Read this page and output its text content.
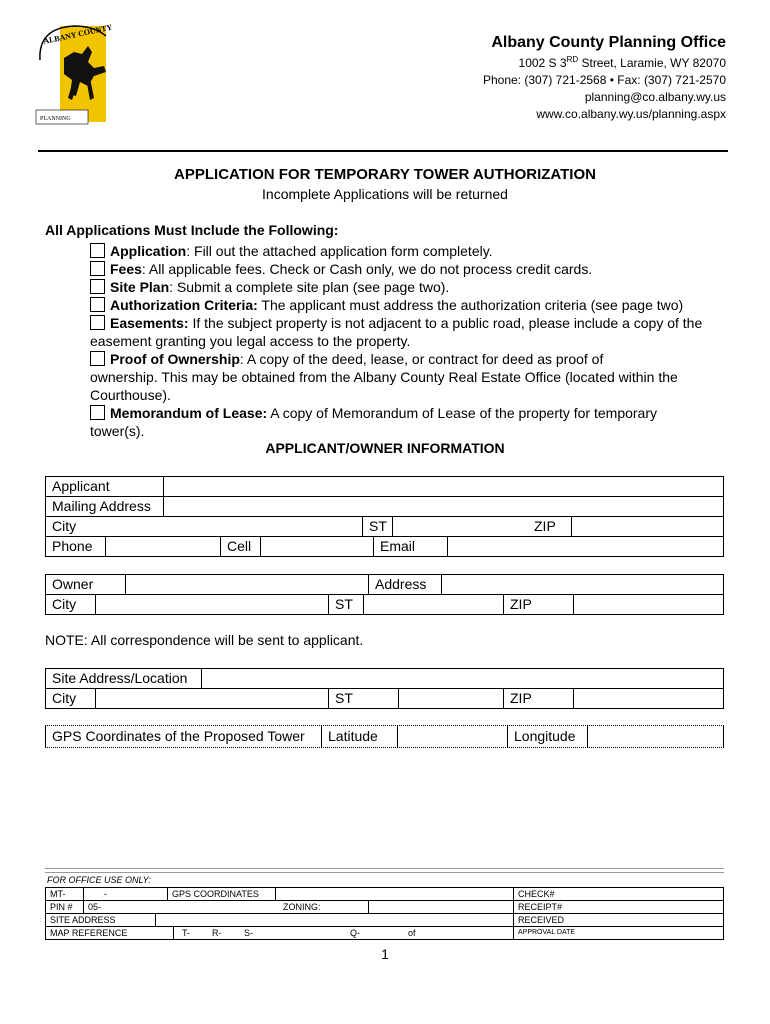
ALBANY COUNTY
PLANNING
Albany County Planning Office
1002 S 3RD Street, Laramie, WY 82070
Phone: (307) 721-2568 • Fax: (307) 721-2570
planning@co.albany.wy.us
www.co.albany.wy.us/planning.aspx
APPLICATION FOR TEMPORARY TOWER AUTHORIZATION
Incomplete Applications will be returned
All Applications Must Include the Following:
Application: Fill out the attached application form completely.
Fees: All applicable fees. Check or Cash only, we do not process credit cards.
Site Plan: Submit a complete site plan (see page two).
Authorization Criteria: The applicant must address the authorization criteria (see page two)
Easements: If the subject property is not adjacent to a public road, please include a copy of the
easement granting you legal access to the property.
Proof of Ownership: A copy of the deed, lease, or contract for deed as proof of
ownership. This may be obtained from the Albany County Real Estate Office (located within the Courthouse).
Memorandum of Lease: A copy of Memorandum of Lease of the property for temporary
tower(s).
APPLICANT/OWNER INFORMATION
Applicant
Mailing Address
City	ST	ZIP
Phone	Cell	Email
Owner	Address
City	ST	ZIP
NOTE: All correspondence will be sent to applicant.
Site Address/Location
City	ST	ZIP
GPS Coordinates of the Proposed Tower	Latitude	Longitude
FOR OFFICE USE ONLY:
MT-	-	GPS COORDINATES	CHECK#
PIN #	05-	ZONING:	RECEIPT#
SITE ADDRESS	RECEIVED
MAP REFERENCE	T-	R-	S-	Q-	of	APPROVAL DATE
1
